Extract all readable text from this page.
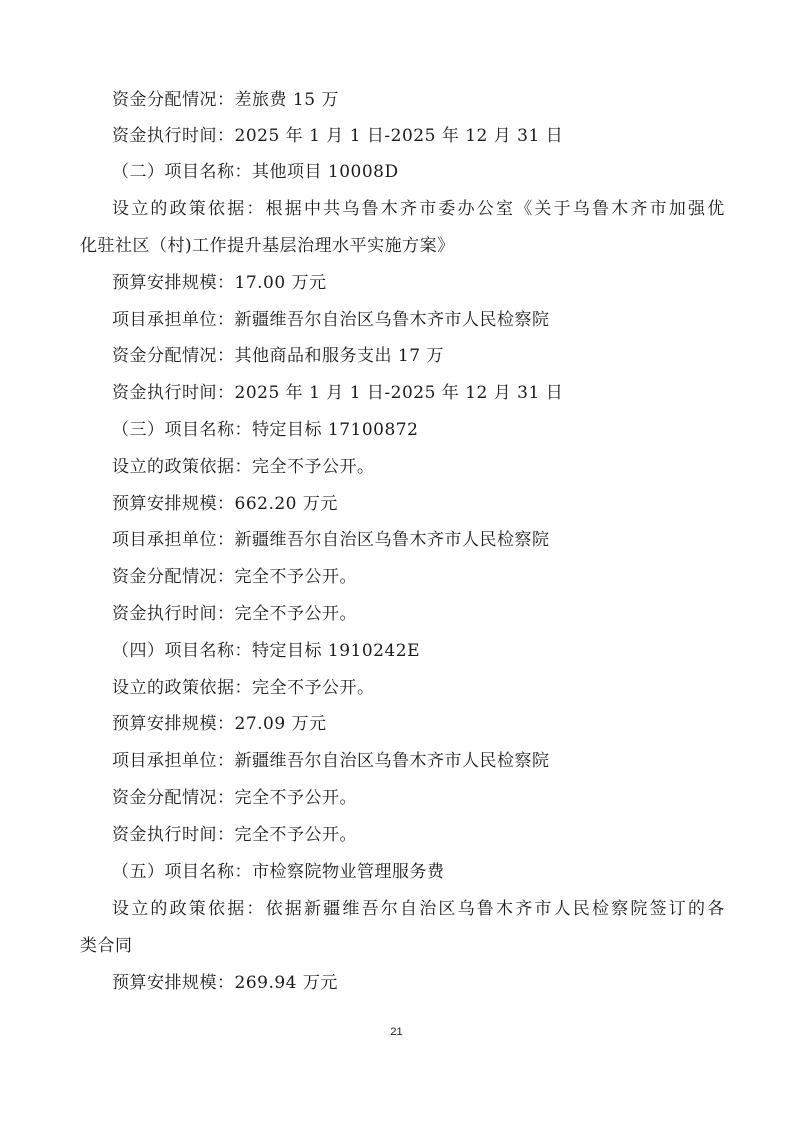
资金分配情况：差旅费 15 万
资金执行时间：2025 年 1 月 1 日-2025 年 12 月 31 日
（二）项目名称：其他项目 10008D
设立的政策依据：根据中共乌鲁木齐市委办公室《关于乌鲁木齐市加强优
化驻社区（村)工作提升基层治理水平实施方案》
预算安排规模：17.00 万元
项目承担单位：新疆维吾尔自治区乌鲁木齐市人民检察院
资金分配情况：其他商品和服务支出 17 万
资金执行时间：2025 年 1 月 1 日-2025 年 12 月 31 日
（三）项目名称：特定目标 17100872
设立的政策依据：完全不予公开。
预算安排规模：662.20 万元
项目承担单位：新疆维吾尔自治区乌鲁木齐市人民检察院
资金分配情况：完全不予公开。
资金执行时间：完全不予公开。
（四）项目名称：特定目标 1910242E
设立的政策依据：完全不予公开。
预算安排规模：27.09 万元
项目承担单位：新疆维吾尔自治区乌鲁木齐市人民检察院
资金分配情况：完全不予公开。
资金执行时间：完全不予公开。
（五）项目名称：市检察院物业管理服务费
设立的政策依据：依据新疆维吾尔自治区乌鲁木齐市人民检察院签订的各
类合同
预算安排规模：269.94 万元
21
